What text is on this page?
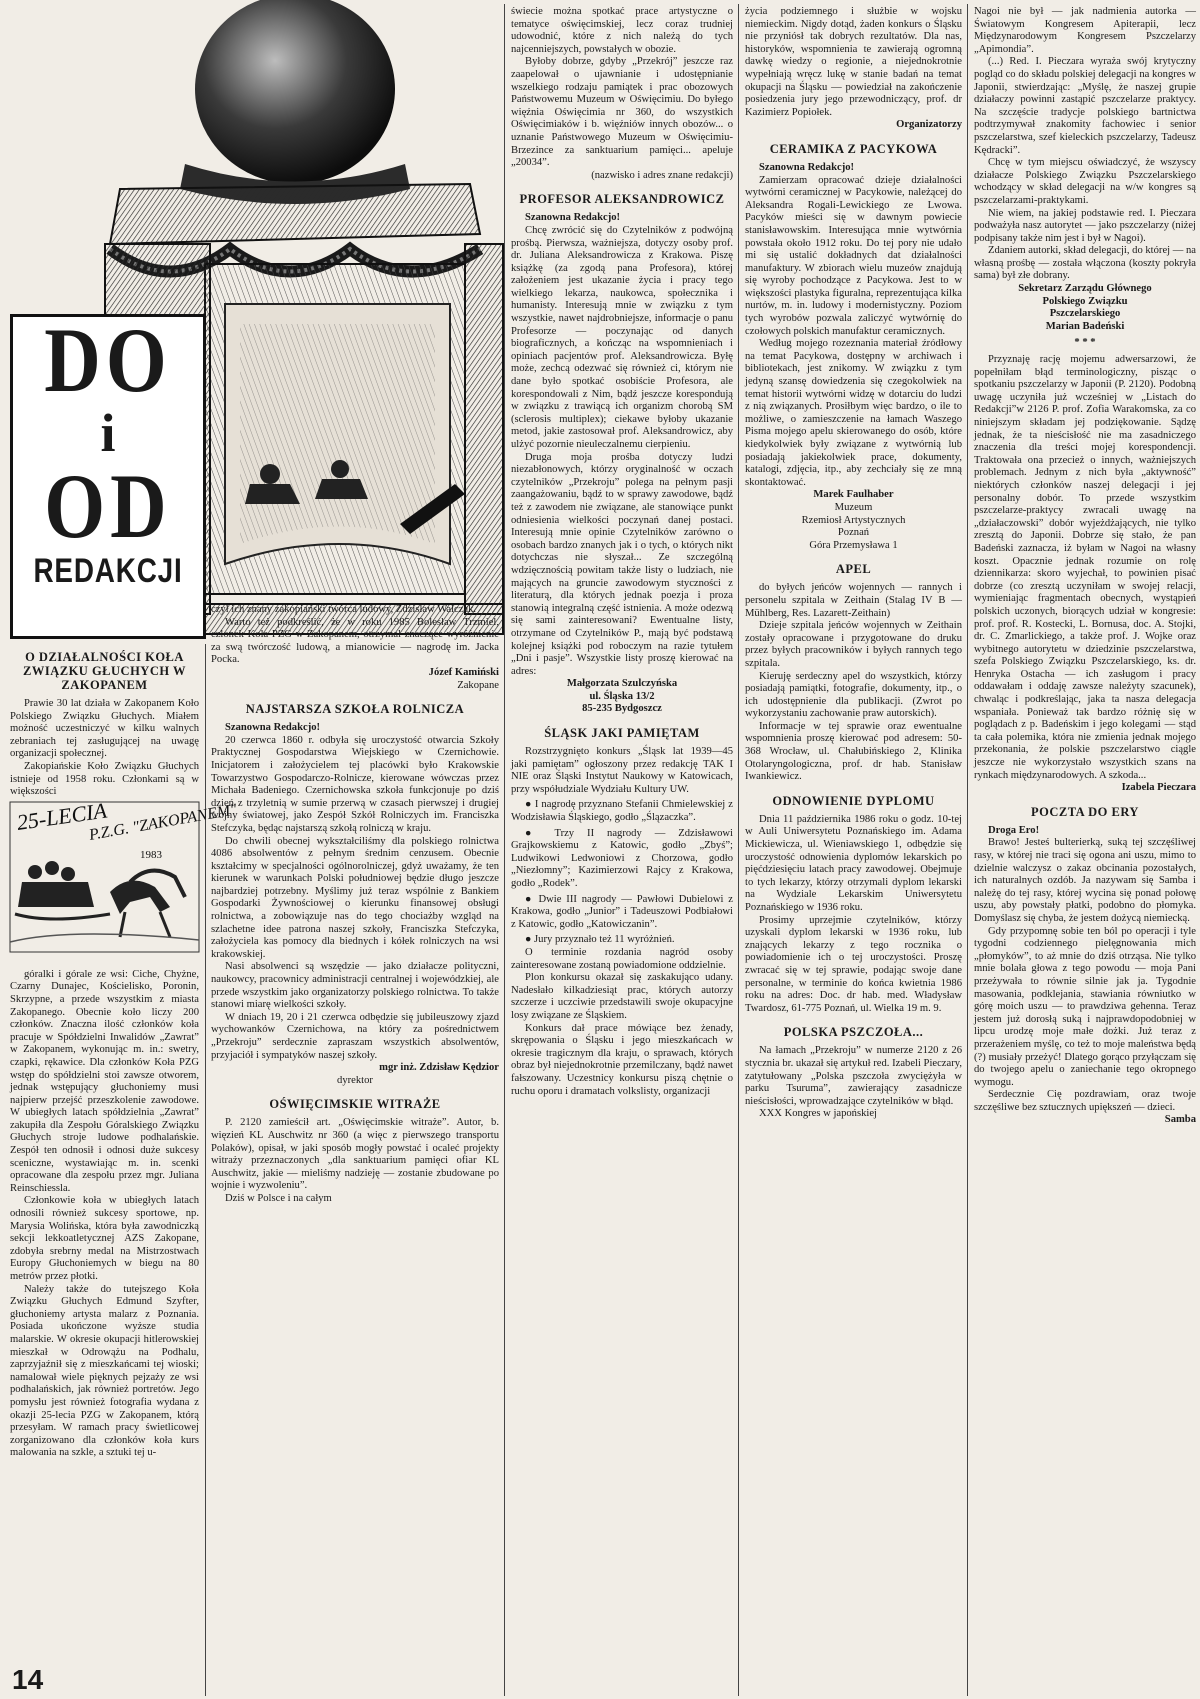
DO
i
OD
REDAKCJI
O DZIAŁALNOŚCI KOŁA ZWIĄZKU GŁUCHYCH W ZAKOPANEM

Prawie 30 lat działa w Zakopanem Koło Polskiego Związku Głuchych. Miałem możność uczestniczyć w kilku walnych zebraniach tej zasługującej na uwagę organizacji społecznej.

Zakopiańskie Koło Związku Głuchych istnieje od 1958 roku. Członkami są w większości

góralki i górale ze wsi: Ciche, Chyżne, Czarny Dunajec, Kościelisko, Poronin, Skrzypne, a przede wszystkim z miasta Zakopanego. Obecnie koło liczy 200 członków. Znaczna ilość członków koła pracuje w Spółdzielni Inwalidów „Zawrat” w Zakopanem, wykonując m. in.: swetry, czapki, rękawice. Dla członków Koła PZG wstęp do spółdzielni stoi zawsze otworem, jednak wstępujący głuchoniemy musi najpierw przejść przeszkolenie zawodowe. W ubiegłych latach spółdzielnia „Zawrat” zakupiła dla Zespołu Góralskiego Związku Głuchych stroje ludowe podhalańskie. Zespół ten odnosił i odnosi duże sukcesy sceniczne, wystawiając m. in. scenki opracowane dla zespołu przez mgr. Juliana Reinschiessla.

Członkowie koła w ubiegłych latach odnosili również sukcesy sportowe, np. Marysia Wolińska, która była zawodniczką sekcji lekkoatletycznej AZS Zakopane, zdobyła srebrny medal na Mistrzostwach Europy Głuchoniemych w biegu na 80 metrów przez płotki.

Należy także do tutejszego Koła Związku Głuchych Edmund Szyfter, głuchoniemy artysta malarz z Poznania. Posiada ukończone wyższe studia malarskie. W okresie okupacji hitlerowskiej mieszkał w Odrowążu na Podhalu, zaprzyjaźnił się z mieszkańcami tej wioski; namalował wiele pięknych pejzaży ze wsi podhalańskich, jak również portretów. Jego pomysłu jest również fotografia wydana z okazji 25-lecia PZG w Zakopanem, którą przesyłam. W ramach pracy świetlicowej zorganizowano dla członków koła kurs malowania na szkle, a sztuki tej u-

25-LECIA
P.Z.G. "ZAKOPANEM"
1983

czył ich znany zakopiański twórca ludowy, Zdzisław Walczak.

Warto też podkreślić, że w roku 1985 Bolesław Trzmiel, członek Koła PZG w Zakopanem, otrzymał znaczące wyróżnienie za swą twórczość ludową, a mianowicie — nagrodę im. Jacka Pocka.

Józef Kamiński

Zakopane

NAJSTARSZA SZKOŁA ROLNICZA

Szanowna Redakcjo!

20 czerwca 1860 r. odbyła się uroczystość otwarcia Szkoły Praktycznej Gospodarstwa Wiejskiego w Czernichowie. Inicjatorem i założycielem tej placówki było Krakowskie Towarzystwo Gospodarczo-Rolnicze, kierowane wówczas przez Michała Badeniego. Czernichowska szkoła funkcjonuje po dziś dzień z trzyletnią w sumie przerwą w czasach pierwszej i drugiej wojny światowej, jako Zespół Szkół Rolniczych im. Franciszka Stefczyka, będąc najstarszą szkołą rolniczą w kraju.

Do chwili obecnej wykształciliśmy dla polskiego rolnictwa 4086 absolwentów z pełnym średnim cenzusem. Obecnie kształcimy w specjalności ogólnorolniczej, gdyż uważamy, że ten kierunek w warunkach Polski południowej będzie długo jeszcze najbardziej potrzebny. Myślimy już teraz wspólnie z Bankiem Gospodarki Żywnościowej o kierunku finansowej obsługi rolnictwa, a zobowiązuje nas do tego chociażby wzgląd na szlachetne idee patrona naszej szkoły, Franciszka Stefczyka, założyciela kas pomocy dla biednych i kółek rolniczych na wsi krakowskiej.

Nasi absolwenci są wszędzie — jako działacze polityczni, naukowcy, pracownicy administracji centralnej i wojewódzkiej, ale przede wszystkim jako organizatorzy polskiego rolnictwa. To także stanowi miarę wielkości szkoły.

W dniach 19, 20 i 21 czerwca odbędzie się jubileuszowy zjazd wychowanków Czernichowa, na który za pośrednictwem „Przekroju” serdecznie zapraszam wszystkich absolwentów, przyjaciół i sympatyków naszej szkoły.

mgr inż. Zdzisław Kędzior

dyrektor

OŚWIĘCIMSKIE WITRAŻE

P. 2120 zamieścił art. „Oświęcimskie witraże”. Autor, b. więzień KL Auschwitz nr 360 (a więc z pierwszego transportu Polaków), opisał, w jaki sposób mogły powstać i ocaleć projekty witraży przeznaczonych „dla sanktuarium pamięci ofiar KL Auschwitz, jakie — mieliśmy nadzieję — zostanie zbudowane po wojnie i wyzwoleniu”.

Dziś w Polsce i na całym

świecie można spotkać prace artystyczne o tematyce oświęcimskiej, lecz coraz trudniej udowodnić, które z nich należą do tych najcenniejszych, powstałych w obozie.

Byłoby dobrze, gdyby „Przekrój” jeszcze raz zaapelował o ujawnianie i udostępnianie wszelkiego rodzaju pamiątek i prac obozowych Państwowemu Muzeum w Oświęcimiu. Do byłego więźnia Oświęcimia nr 360, do wszystkich Oświęcimiaków i b. więźniów innych obozów... o uznanie Państwowego Muzeum w Oświęcimiu-Brzezince za sanktuarium pamięci... apeluje „20034”.

(nazwisko i adres znane redakcji)

PROFESOR ALEKSANDROWICZ

Szanowna Redakcjo!

Chcę zwrócić się do Czytelników z podwójną prośbą. Pierwsza, ważniejsza, dotyczy osoby prof. dr. Juliana Aleksandrowicza z Krakowa. Piszę książkę (za zgodą pana Profesora), której założeniem jest ukazanie życia i pracy tego wielkiego lekarza, naukowca, społecznika i humanisty. Interesują mnie w związku z tym wszystkie, nawet najdrobniejsze, informacje o panu Profesorze — poczynając od danych biograficznych, a kończąc na wspomnieniach i opiniach pacjentów prof. Aleksandrowicza. Byłę może, zechcą odezwać się również ci, którym nie dane było spotkać osobiście Profesora, ale korespondowali z Nim, bądź jeszcze korespondują w związku z trawiącą ich organizm chorobą SM (sclerosis multiplex); ciekawe byłoby ukazanie metod, jakie zastosował prof. Aleksandrowicz, aby ulżyć pozornie nieuleczalnemu cierpieniu.

Druga moja prośba dotyczy ludzi niezabłonowych, którzy oryginalność w oczach czytelników „Przekroju” polega na pełnym pasji zaangażowaniu, bądź to w sprawy zawodowe, bądź też z zawodem nie związane, ale stanowiące punkt odniesienia wielkości poczynań danej postaci. Interesują mnie opinie Czytelników zarówno o osobach bardzo znanych jak i o tych, o których nikt dotychczas nie słyszał... Ze szczególną wdzięcznością powitam także listy o ludziach, nie mających na gruncie zawodowym styczności z literaturą, dla których jednak poezja i proza stanowią integralną część istnienia. A może odezwą się sami zainteresowani? Ewentualne listy, otrzymane od Czytelników P., mają być podstawą kolejnej książki pod roboczym na razie tytułem „Dni i pasje”. Wszystkie listy proszę kierować na adres:

Małgorzata Szulczyńska

ul. Śląska 13/2

85-235 Bydgoszcz

ŚLĄSK JAKI PAMIĘTAM

Rozstrzygnięto konkurs „Śląsk lat 1939—45 jaki pamiętam” ogłoszony przez redakcję TAK I NIE oraz Śląski Instytut Naukowy w Katowicach, przy współudziale Wydziału Kultury UW.

● I nagrodę przyznano Stefanii Chmielewskiej z Wodzisławia Śląskiego, godło „Ślązaczka”.

● Trzy II nagrody — Zdzisławowi Grajkowskiemu z Katowic, godło „Zbyś”; Ludwikowi Ledwoniowi z Chorzowa, godło „Niezłomny”; Kazimierzowi Rajcy z Krakowa, godło „Rodek”.

● Dwie III nagrody — Pawłowi Dubielowi z Krakowa, godło „Junior” i Tadeuszowi Podbiałowi z Katowic, godło „Katowiczanin”.

● Jury przyznało też 11 wyróżnień.

O terminie rozdania nagród osoby zainteresowane zostaną powiadomione oddzielnie.

Plon konkursu okazał się zaskakująco udany. Nadesłało kilkadziesiąt prac, których autorzy szczerze i uczciwie przedstawili swoje okupacyjne losy związane ze Śląskiem.

Konkurs dał prace mówiące bez żenady, skrępowania o Śląsku i jego mieszkańcach w okresie tragicznym dla kraju, o sprawach, których obraz był niejednokrotnie przemilczany, bądź nawet fałszowany. Uczestnicy konkursu piszą chętnie o ruchu oporu i dramatach volkslisty, organizacji

życia podziemnego i służbie w wojsku niemieckim. Nigdy dotąd, żaden konkurs o Śląsku nie przyniósł tak dobrych rezultatów. Dla nas, historyków, wspomnienia te zawierają ogromną dawkę wiedzy o regionie, a niejednokrotnie wypełniają wręcz lukę w stanie badań na temat okupacji na Śląsku — powiedział na zakończenie posiedzenia jury jego przewodniczący, prof. dr Kazimierz Popiołek.

Organizatorzy

CERAMIKA Z PACYKOWA

Szanowna Redakcjo!

Zamierzam opracować dzieje działalności wytwórni ceramicznej w Pacykowie, należącej do Aleksandra Rogali-Lewickiego ze Lwowa. Pacyków mieści się w dawnym powiecie stanisławowskim. Interesująca mnie wytwórnia powstała około 1912 roku. Do tej pory nie udało mi się ustalić dokładnych dat działalności manufaktury. W zbiorach wielu muzeów znajdują się wyroby pochodzące z Pacykowa. Jest to w większości plastyka figuralna, reprezentująca kilka nurtów, m. in. ludowy i modernistyczny. Poziom tych wyrobów pozwala zaliczyć wytwórnię do czołowych polskich manufaktur ceramicznych.

Według mojego rozeznania materiał źródłowy na temat Pacykowa, dostępny w archiwach i bibliotekach, jest znikomy. W związku z tym jedyną szansę dowiedzenia się czegokolwiek na temat historii wytwórni widzę w dotarciu do ludzi z nią związanych. Prosiłbym więc bardzo, o ile to możliwe, o zamieszczenie na łamach Waszego Pisma mojego apelu skierowanego do osób, które kiedykolwiek były związane z wytwórnią lub posiadają jakiekolwiek prace, dokumenty, katalogi, zdjęcia, itp., aby zechciały się ze mną skontaktować.

Marek Faulhaber

Muzeum

Rzemiosł Artystycznych

Poznań

Góra Przemysława 1

APEL

do byłych jeńców wojennych — rannych i personelu szpitala w Zeithain (Stalag IV B — Mühlberg, Res. Lazarett-Zeithain)

Dzieje szpitala jeńców wojennych w Zeithain zostały opracowane i przygotowane do druku przez byłych pracowników i byłych rannych tego szpitala.

Kieruję serdeczny apel do wszystkich, którzy posiadają pamiątki, fotografie, dokumenty, itp., o ich udostępnienie dla publikacji. (Zwrot po wykorzystaniu zachowanie praw autorskich).

Informacje w tej sprawie oraz ewentualne wspomnienia proszę kierować pod adresem: 50-368 Wrocław, ul. Chałubińskiego 2, Klinika Otolaryngologiczna, prof. dr hab. Stanisław Iwankiewicz.

ODNOWIENIE DYPLOMU

Dnia 11 października 1986 roku o godz. 10-tej w Auli Uniwersytetu Poznańskiego im. Adama Mickiewicza, ul. Wieniawskiego 1, odbędzie się uroczystość odnowienia dyplomów lekarskich po pięćdziesięciu latach pracy zawodowej. Obejmuje to tych lekarzy, którzy otrzymali dyplom lekarski na Wydziale Lekarskim Uniwersytetu Poznańskiego w 1936 roku.

Prosimy uprzejmie czytelników, którzy uzyskali dyplom lekarski w 1936 roku, lub znających lekarzy z tego rocznika o powiadomienie ich o tej uroczystości. Proszę zwracać się w tej sprawie, podając swoje dane personalne, w terminie do końca kwietnia 1986 roku na adres: Doc. dr hab. med. Władysław Twardosz, 61-775 Poznań, ul. Wielka 19 m. 9.

POLSKA PSZCZOŁA...

Na łamach „Przekroju” w numerze 2120 z 26 stycznia br. ukazał się artykuł red. Izabeli Pieczary, zatytułowany „Polska pszczoła zwyciężyła w parku Tsuruma”, zawierający zasadnicze nieścisłości, wprowadzające czytelników w błąd.

XXX Kongres w japońskiej

Nagoi nie był — jak nadmienia autorka — Światowym Kongresem Apiterapii, lecz Międzynarodowym Kongresem Pszczelarzy „Apimondia”.

(...) Red. I. Pieczara wyraża swój krytyczny pogląd co do składu polskiej delegacji na kongres w Japonii, stwierdzając: „Myślę, że naszej grupie działaczy powinni zastąpić pszczelarze praktycy. Na szczęście tradycje polskiego bartnictwa podtrzymywał znakomity fachowiec i senior pszczelarstwa, szef kieleckich pszczelarzy, Tadeusz Kędracki”.

Chcę w tym miejscu oświadczyć, że wszyscy działacze Polskiego Związku Pszczelarskiego wchodzący w skład delegacji na w/w kongres są pszczelarzami-praktykami.

Nie wiem, na jakiej podstawie red. I. Pieczara podważyła nasz autorytet — jako pszczelarzy (niżej podpisany także nim jest i był w Nagoi).

Zdaniem autorki, skład delegacji, do której — na własną prośbę — została włączona (koszty pokryła sama) był złe dobrany.

Sekretarz Zarządu Głównego

Polskiego Związku

Pszczelarskiego

Marian Badeński

* * *

Przyznaję rację mojemu adwersarzowi, że popełniłam błąd terminologiczny, pisząc o spotkaniu pszczelarzy w Japonii (P. 2120). Podobną uwagę uczyniła już wcześniej w „Listach do Redakcji”w 2126 P. prof. Zofia Warakomska, za co niniejszym składam jej podziękowanie. Sądzę jednak, że ta nieścisłość nie ma zasadniczego znaczenia dla treści mojej korespondencji. Traktowała ona przecież o innych, ważniejszych problemach. Jednym z nich była „aktywność” niektórych członków naszej delegacji i jej personalny dobór. To przede wszystkim pszczelarze-praktycy zwracali uwagę na „działaczowski” dobór wyjeżdżających, nie tylko zresztą do Japonii. Dobrze się stało, że pan Badeński zaznacza, iż byłam w Nagoi na własny koszt. Opacznie jednak rozumie on rolę dziennikarza: skoro wyjechał, to powinien pisać dobrze (co zresztą uczyniłam w swojej relacji, wymieniając fragmentach obecnych, wystąpień polskich uczonych, biorących udział w kongresie: prof. prof. R. Kostecki, L. Bornusa, doc. A. Stojki, dr. C. Zmarlickiego, a także prof. J. Wojke oraz wybitnego autorytetu w dziedzinie pszczelarstwa, szefa Polskiego Związku Pszczelarskiego, ks. dr. Henryka Ostacha — ich zasługom i pracy oddawałam i oddaję zawsze należyty szacunek), chwaląc i podkreślając, jaka ta nasza delegacja wspaniała. Ponieważ tak bardzo różnię się w poglądach z p. Badeńskim i jego kolegami — stąd ta cała polemika, która nie zmienia jednak mojego przekonania, że polskie pszczelarstwo ciągle jeszcze nie wykorzystało wszystkich szans na rynkach międzynarodowych. A szkoda...

Izabela Pieczara

POCZTA DO ERY

Droga Ero!

Brawo! Jesteś bulterierką, suką tej szczęśliwej rasy, w której nie traci się ogona ani uszu, mimo to dzielnie walczysz o zakaz obcinania pozostałych, ich naturalnych ozdób. Ja nazywam się Samba i należę do tej rasy, której wycina się ponad połowę uszu, aby powstały płatki, podobno do płomyka. Domyślasz się chyba, że jestem dożycą niemiecką.

Gdy przypomnę sobie ten ból po operacji i tyle tygodni codziennego pielęgnowania mich „płomyków”, to aż mnie do dziś otrząsa. Nie tylko mnie bolała głowa z tego powodu — moja Pani przeżywała to równie silnie jak ja. Tygodnie masowania, podklejania, stawiania równiutko w górę moich uszu — to prawdziwa gehenna. Teraz jestem już dorosłą suką i najprawdopodobniej w lipcu urodzę moje małe dożki. Już teraz z przerażeniem myślę, co też to moje maleństwa będą (?) musiały przeżyć! Dlatego gorąco przyłączam się do twojego apelu o zaniechanie tego okropnego wymogu.

Serdecznie Cię pozdrawiam, oraz twoje szczęśliwe bez sztucznych upiększeń — dzieci.

Samba

14
